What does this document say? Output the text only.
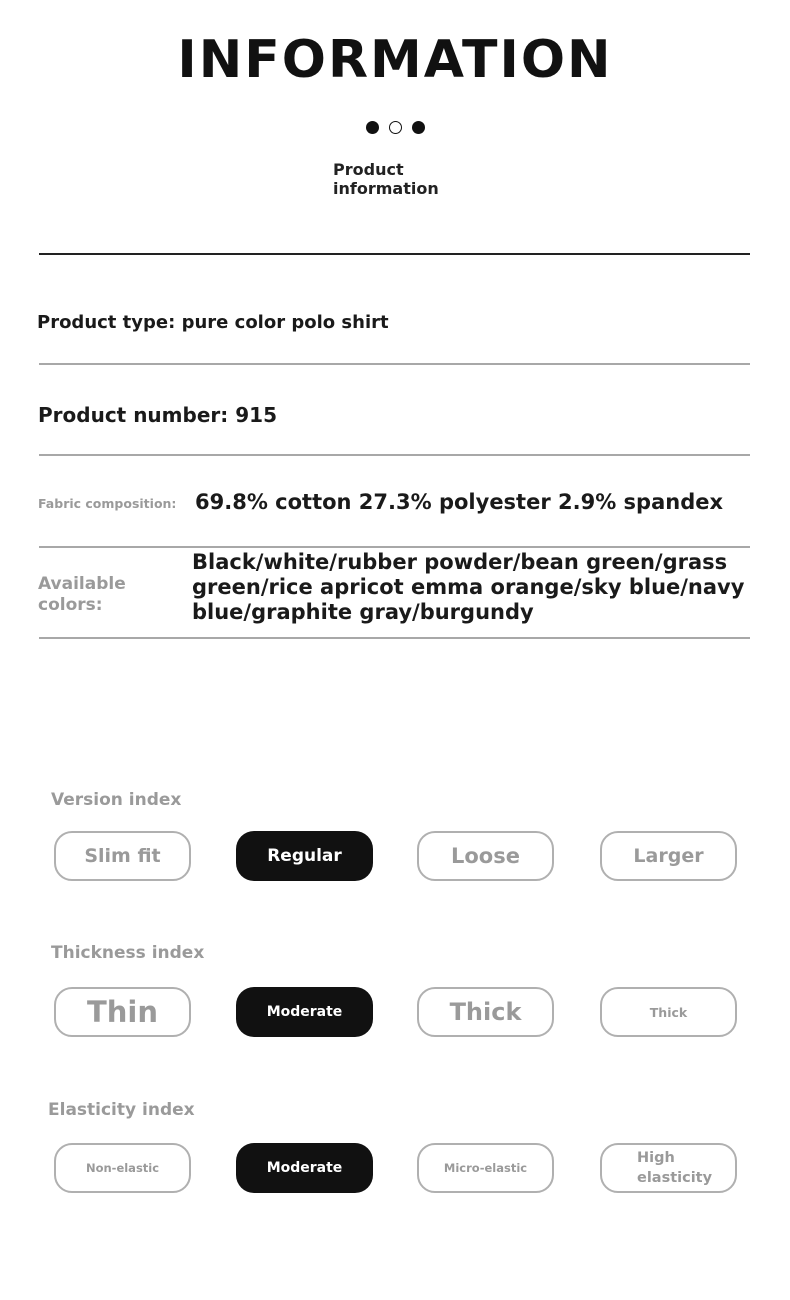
INFORMATION
Product
information
Product type: pure color polo shirt
Product number: 915
Fabric composition: 69.8% cotton 27.3% polyester 2.9% spandex
Available
colors:
Black/white/rubber powder/bean green/grass
green/rice apricot emma orange/sky blue/navy
blue/graphite gray/burgundy
Version index
Slim fit	Regular	Loose	Larger
Thickness index
Thin	Moderate	Thick	Thick
Elasticity index
Non-elastic	Moderate	Micro-elastic
High
elasticity
